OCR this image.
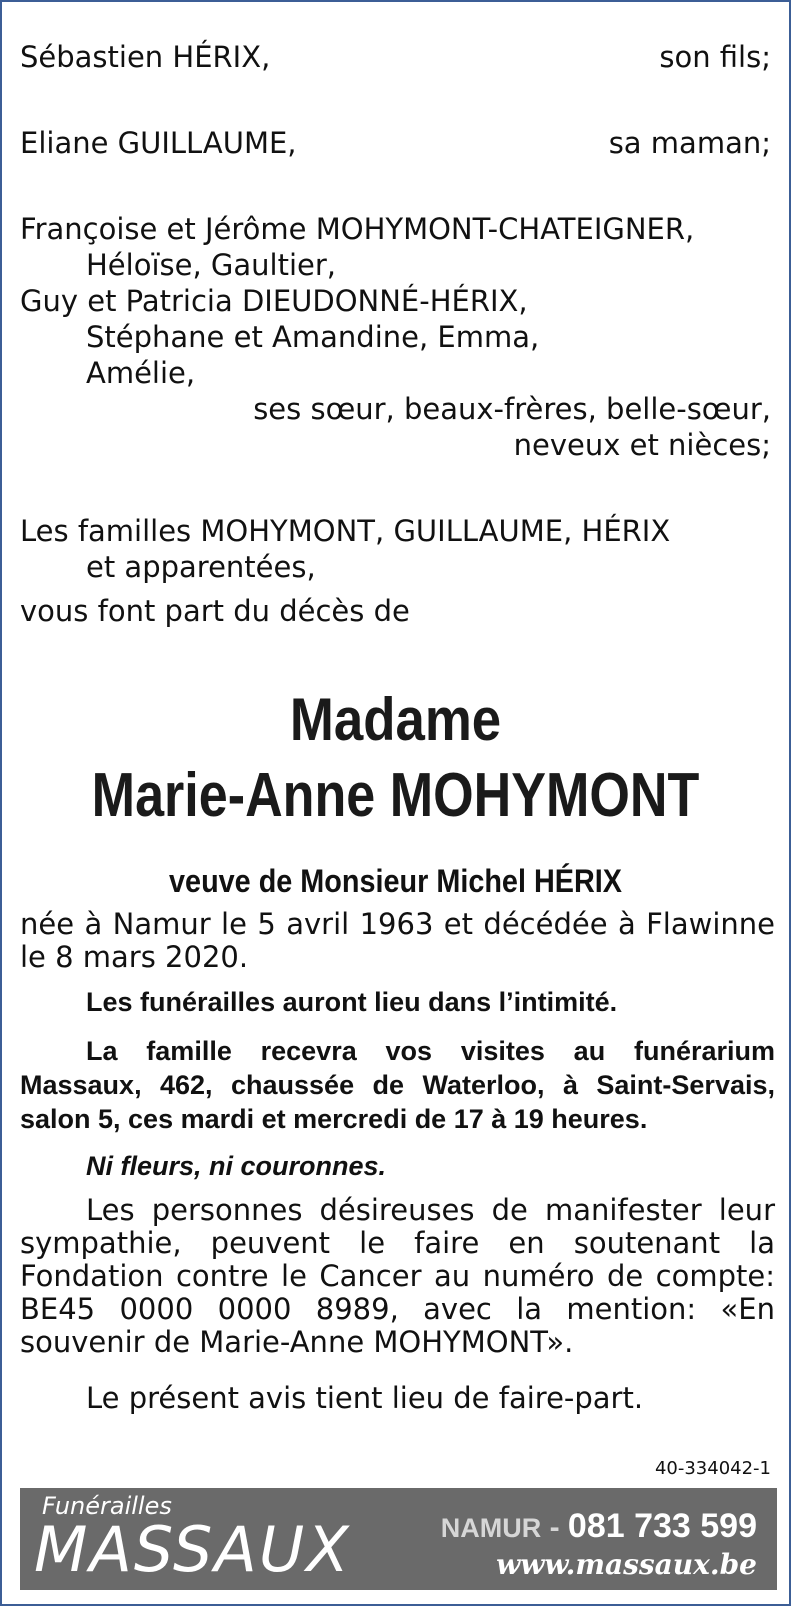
Sébastien HÉRIX,	son fils;
Eliane GUILLAUME,	sa maman;
Françoise et Jérôme MOHYMONT-CHATEIGNER,
Héloïse, Gaultier,
Guy et Patricia DIEUDONNÉ-HÉRIX,
Stéphane et Amandine, Emma,
Amélie,
ses sœur, beaux-frères, belle-sœur,
neveux et nièces;
Les familles MOHYMONT, GUILLAUME, HÉRIX
et apparentées,
vous font part du décès de
Madame
Marie-Anne MOHYMONT
veuve de Monsieur Michel HÉRIX
née à Namur le 5 avril 1963 et décédée à Flawinne le 8 mars 2020.
Les funérailles auront lieu dans l’intimité.
La famille recevra vos visites au funérarium Massaux, 462, chaussée de Waterloo, à Saint-Servais, salon 5, ces mardi et mercredi de 17 à 19 heures.
Ni fleurs, ni couronnes.
Les personnes désireuses de manifester leur sympathie, peuvent le faire en soutenant la Fondation contre le Cancer au numéro de compte: BE45 0000 0000 8989, avec la mention: «En souvenir de Marie-Anne MOHYMONT».
Le présent avis tient lieu de faire-part.
40-334042-1
Funérailles
MASSAUX	NAMUR - 081 733 599
www.massaux.be
